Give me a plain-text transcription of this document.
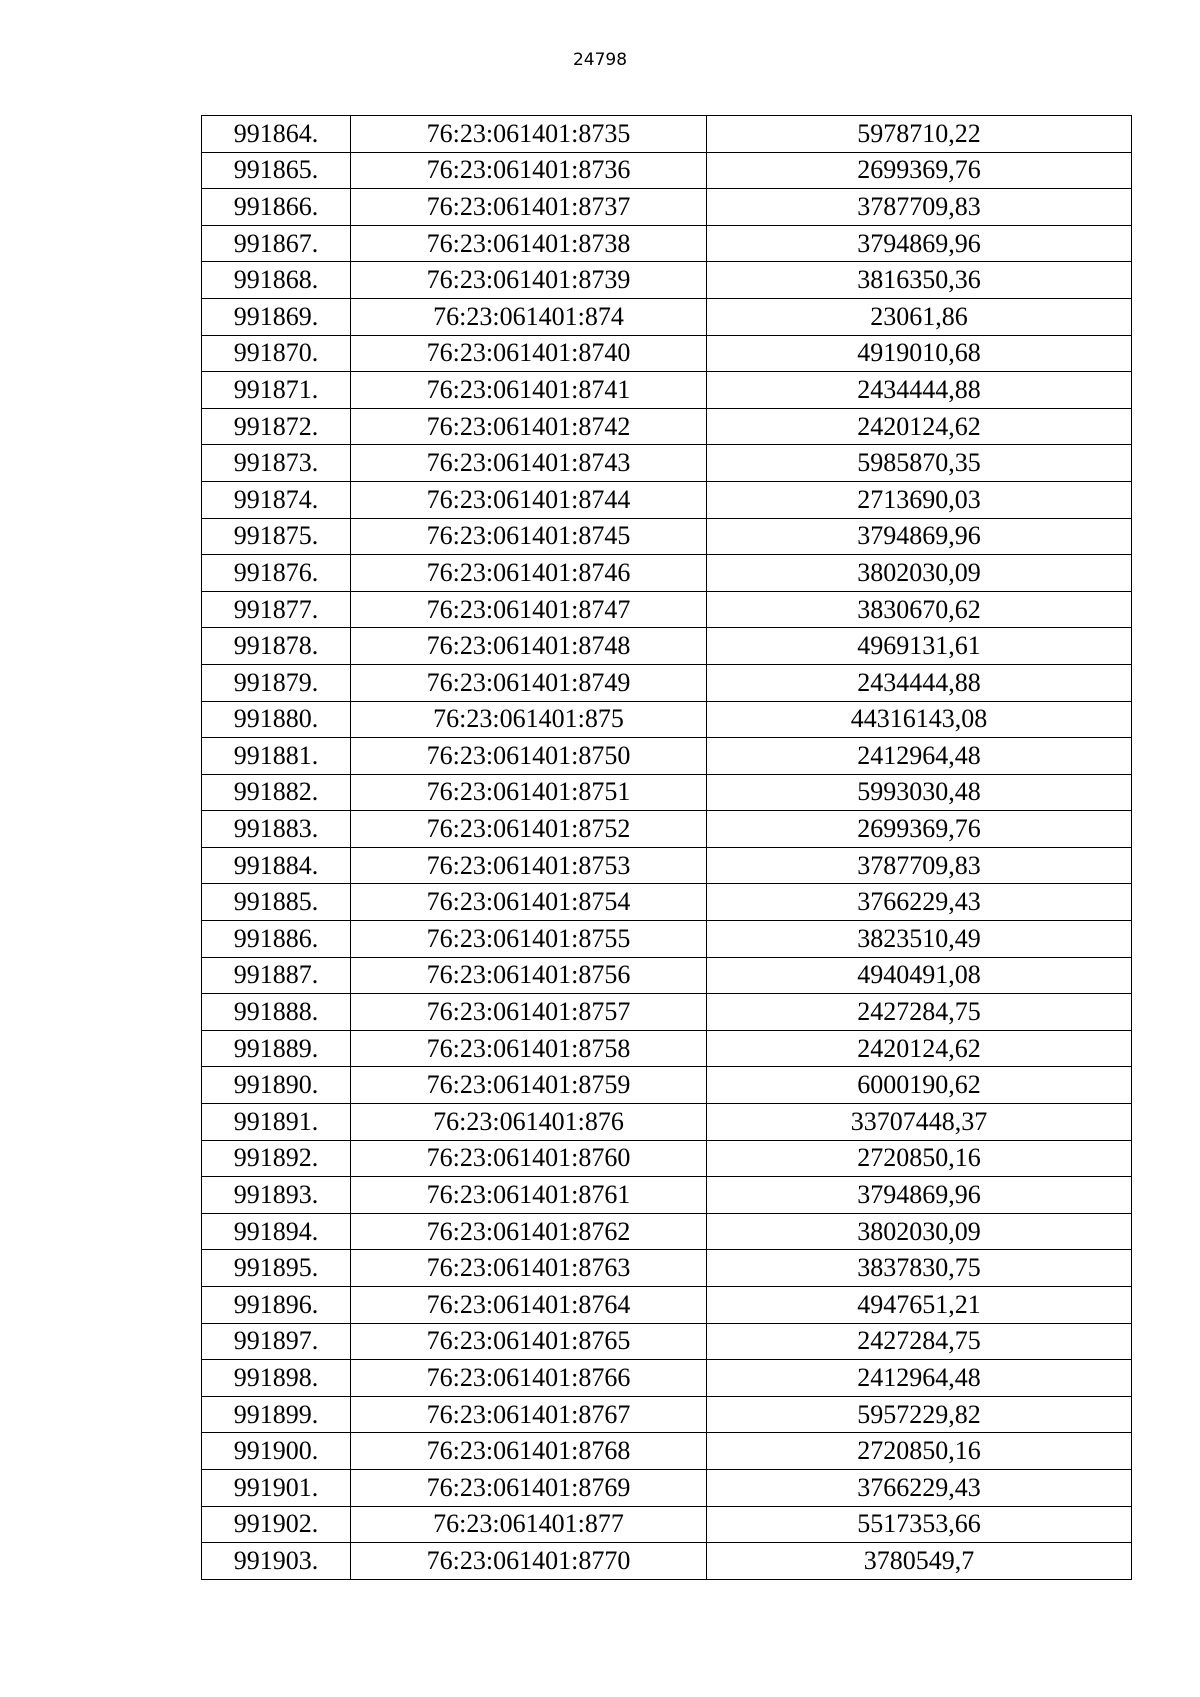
24798
991864.	76:23:061401:8735	5978710,22
991865.	76:23:061401:8736	2699369,76
991866.	76:23:061401:8737	3787709,83
991867.	76:23:061401:8738	3794869,96
991868.	76:23:061401:8739	3816350,36
991869.	76:23:061401:874	23061,86
991870.	76:23:061401:8740	4919010,68
991871.	76:23:061401:8741	2434444,88
991872.	76:23:061401:8742	2420124,62
991873.	76:23:061401:8743	5985870,35
991874.	76:23:061401:8744	2713690,03
991875.	76:23:061401:8745	3794869,96
991876.	76:23:061401:8746	3802030,09
991877.	76:23:061401:8747	3830670,62
991878.	76:23:061401:8748	4969131,61
991879.	76:23:061401:8749	2434444,88
991880.	76:23:061401:875	44316143,08
991881.	76:23:061401:8750	2412964,48
991882.	76:23:061401:8751	5993030,48
991883.	76:23:061401:8752	2699369,76
991884.	76:23:061401:8753	3787709,83
991885.	76:23:061401:8754	3766229,43
991886.	76:23:061401:8755	3823510,49
991887.	76:23:061401:8756	4940491,08
991888.	76:23:061401:8757	2427284,75
991889.	76:23:061401:8758	2420124,62
991890.	76:23:061401:8759	6000190,62
991891.	76:23:061401:876	33707448,37
991892.	76:23:061401:8760	2720850,16
991893.	76:23:061401:8761	3794869,96
991894.	76:23:061401:8762	3802030,09
991895.	76:23:061401:8763	3837830,75
991896.	76:23:061401:8764	4947651,21
991897.	76:23:061401:8765	2427284,75
991898.	76:23:061401:8766	2412964,48
991899.	76:23:061401:8767	5957229,82
991900.	76:23:061401:8768	2720850,16
991901.	76:23:061401:8769	3766229,43
991902.	76:23:061401:877	5517353,66
991903.	76:23:061401:8770	3780549,7
